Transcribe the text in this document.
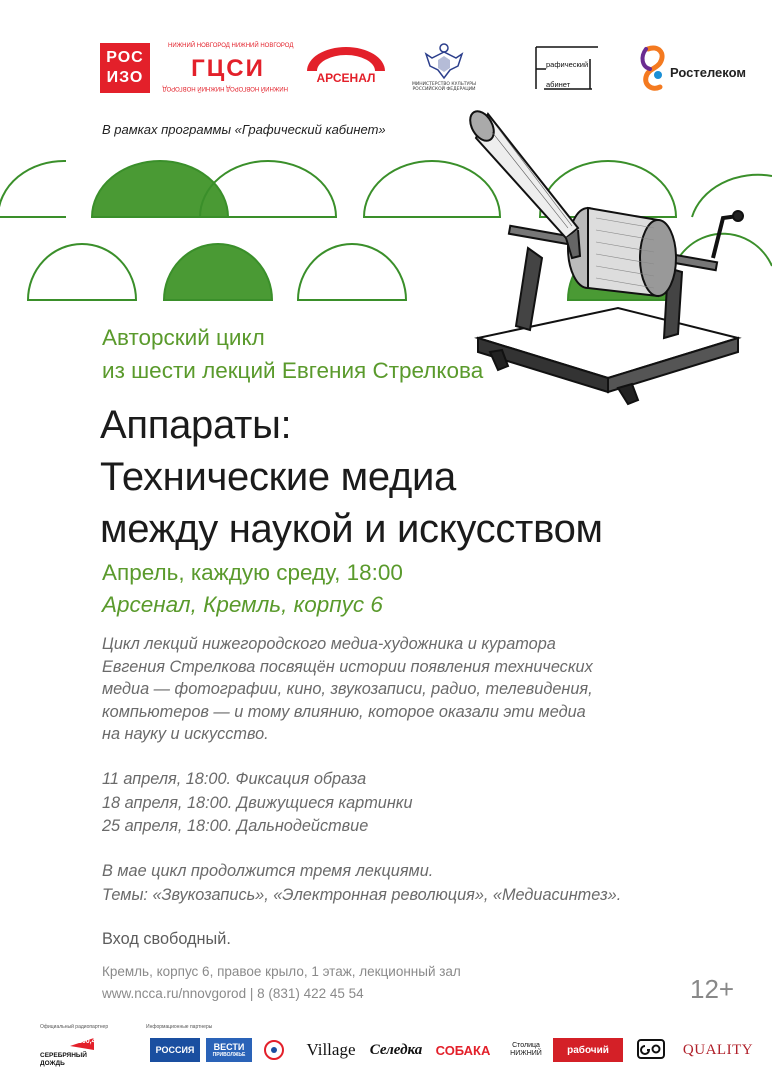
РОС
ИЗО
НИЖНИЙ НОВГОРОД НИЖНИЙ НОВГОРОД
ГЦСИ
НИЖНИЙ НОВГОРОД НИЖНИЙ НОВГОРОД
АРСЕНАЛ	МИНИСТЕРСТВО КУЛЬТУРЫ РОССИЙСКОЙ ФЕДЕРАЦИИ
рафический
абинет
Ростелеком
В рамках программы «Графический кабинет»
Авторский цикл
из шести лекций Евгения Стрелкова
Аппараты:
Технические медиа
между наукой и искусством
Апрель, каждую среду, 18:00
Арсенал, Кремль, корпус 6
Цикл лекций нижегородского медиа-художника и куратора
Евгения Стрелкова посвящён истории появления технических
медиа — фотографии, кино, звукозаписи, радио, телевидения,
компьютеров — и тому влиянию, которое оказали эти медиа
на науку и искусство.
11 апреля, 18:00. Фиксация образа
18 апреля, 18:00. Движущиеся картинки
25 апреля, 18:00. Дальнодействие
В мае цикл продолжится тремя лекциями.
Темы: «Звукозапись», «Электронная революция», «Медиасинтез».
Вход свободный.
Кремль, корпус 6, правое крыло, 1 этаж, лекционный зал
www.ncca.ru/nnovgorod | 8 (831) 422 45 54	12+
Официальный радиопартнер	Информационные партнеры
100,4
СЕРЕБРЯНЫЙ ДОЖДЬ
РОССИЯ	ВЕСТИ
ПРИВОЛЖЬЕ	Village Селедка СОБАКА	Столица
НИЖНИЙ	рабочий	QUALITY
